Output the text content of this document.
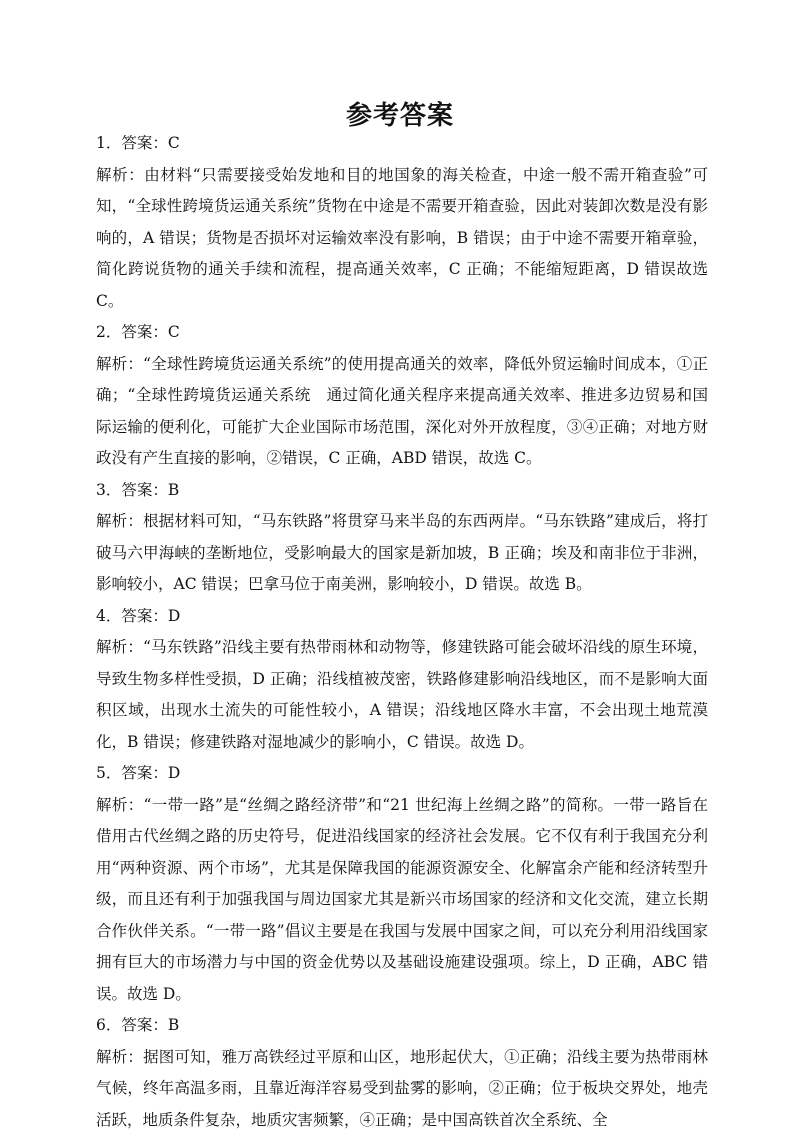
参考答案

1．答案：C

解析：由材料“只需要接受始发地和目的地国象的海关检查，中途一般不需开箱查验”可知，“全球性跨境货运通关系统”货物在中途是不需要开箱查验，因此对装卸次数是没有影响的，A 错误；货物是否损坏对运输效率没有影响，B 错误；由于中途不需要开箱章验，简化跨说货物的通关手续和流程，提高通关效率，C 正确；不能缩短距离，D 错误故选 C。

2．答案：C

解析：“全球性跨境货运通关系统”的使用提高通关的效率，降低外贸运输时间成本，①正确；“全球性跨境货运通关系统　通过简化通关程序来提高通关效率、推进多边贸易和国际运输的便利化，可能扩大企业国际市场范围，深化对外开放程度，③④正确；对地方财政没有产生直接的影响，②错误，C 正确，ABD 错误，故选 C。

3．答案：B

解析：根据材料可知，“马东铁路”将贯穿马来半岛的东西两岸。“马东铁路”建成后，将打破马六甲海峡的垄断地位，受影响最大的国家是新加坡，B 正确；埃及和南非位于非洲，影响较小，AC 错误；巴拿马位于南美洲，影响较小，D 错误。故选 B。

4．答案：D

解析：“马东铁路”沿线主要有热带雨林和动物等，修建铁路可能会破坏沿线的原生环境，导致生物多样性受损，D 正确；沿线植被茂密，铁路修建影响沿线地区，而不是影响大面积区域，出现水土流失的可能性较小，A 错误；沿线地区降水丰富，不会出现土地荒漠化，B 错误；修建铁路对湿地减少的影响小，C 错误。故选 D。

5．答案：D

解析：“一带一路”是“丝绸之路经济带”和“21 世纪海上丝绸之路”的简称。一带一路旨在借用古代丝绸之路的历史符号，促进沿线国家的经济社会发展。它不仅有利于我国充分利用“两种资源、两个市场”，尤其是保障我国的能源资源安全、化解富余产能和经济转型升级，而且还有利于加强我国与周边国家尤其是新兴市场国家的经济和文化交流，建立长期合作伙伴关系。“一带一路”倡议主要是在我国与发展中国家之间，可以充分利用沿线国家拥有巨大的市场潜力与中国的资金优势以及基础设施建设强项。综上，D 正确，ABC 错误。故选 D。

6．答案：B

解析：据图可知，雅万高铁经过平原和山区，地形起伏大，①正确；沿线主要为热带雨林气候，终年高温多雨，且靠近海洋容易受到盐雾的影响，②正确；位于板块交界处，地壳活跃，地质条件复杂，地质灾害频繁，④正确；是中国高铁首次全系统、全
